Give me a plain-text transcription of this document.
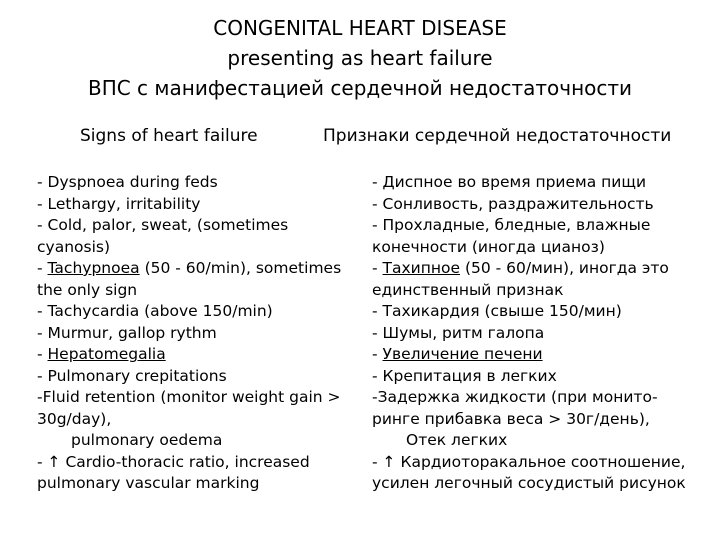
CONGENITAL HEART DISEASE
presenting as heart failure
ВПС с манифестацией сердечной недостаточности
Signs of heart failure	Признаки сердечной недостаточности
- Dyspnoea during feds
- Lethargy, irritability
- Cold, palor, sweat, (sometimes
cyanosis)
- Tachypnoea (50 - 60/min), sometimes
the only sign
- Tachycardia (above 150/min)
- Murmur, gallop rythm
- Hepatomegalia
- Pulmonary crepitations
-Fluid retention (monitor weight gain >
30g/day),
pulmonary oedema
- ↑ Cardio-thoracic ratio, increased
pulmonary vascular marking
- Диспное во время приема пищи
- Сонливость, раздражительность
- Прохладные, бледные, влажные
конечности (иногда цианоз)
- Тахипное (50 - 60/мин), иногда это
единственный признак
- Тахикардия (свыше 150/мин)
- Шумы, ритм галопа
- Увеличение печени
- Крепитация в легких
-Задержка жидкости (при монито-
ринге прибавка веса > 30г/день),
Отек легких
- ↑ Кардиоторакальное соотношение,
усилен легочный сосудистый рисунок
